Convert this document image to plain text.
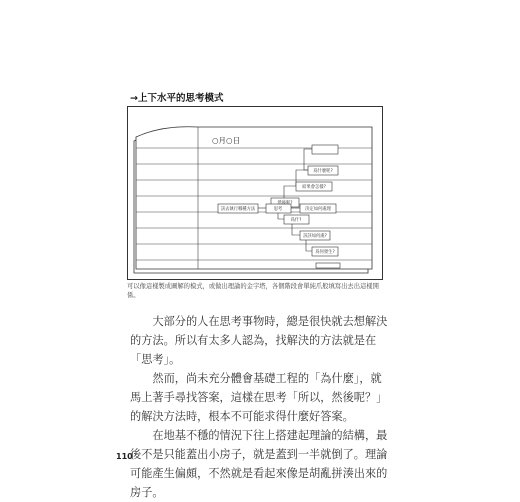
→上下水平的思考模式
○月○日
爲什麼呢?
結果會怎樣?
然後呢?
該去執行哪種方法	思考	決定如何處理
爲什?
該該如何處?
爲何發生?
可以像這樣製成圖解的模式，或做出理論的金字塔，各個階段會單純爪般填寫出去出這樣開係。

大部分的人在思考事物時，總是很快就去想解決的方法。所以有太多人認為，找解決的方法就是在「思考」。

然而，尚未充分體會基礎工程的「為什麼」，就馬上著手尋找答案，這樣在思考「所以，然後呢？」的解決方法時，根本不可能求得什麼好答案。

在地基不穩的情況下往上搭建起理論的結構，最後不是只能蓋出小房子，就是蓋到一半就倒了。理論可能產生偏頗，不然就是看起來像是胡亂拼湊出來的房子。

110
